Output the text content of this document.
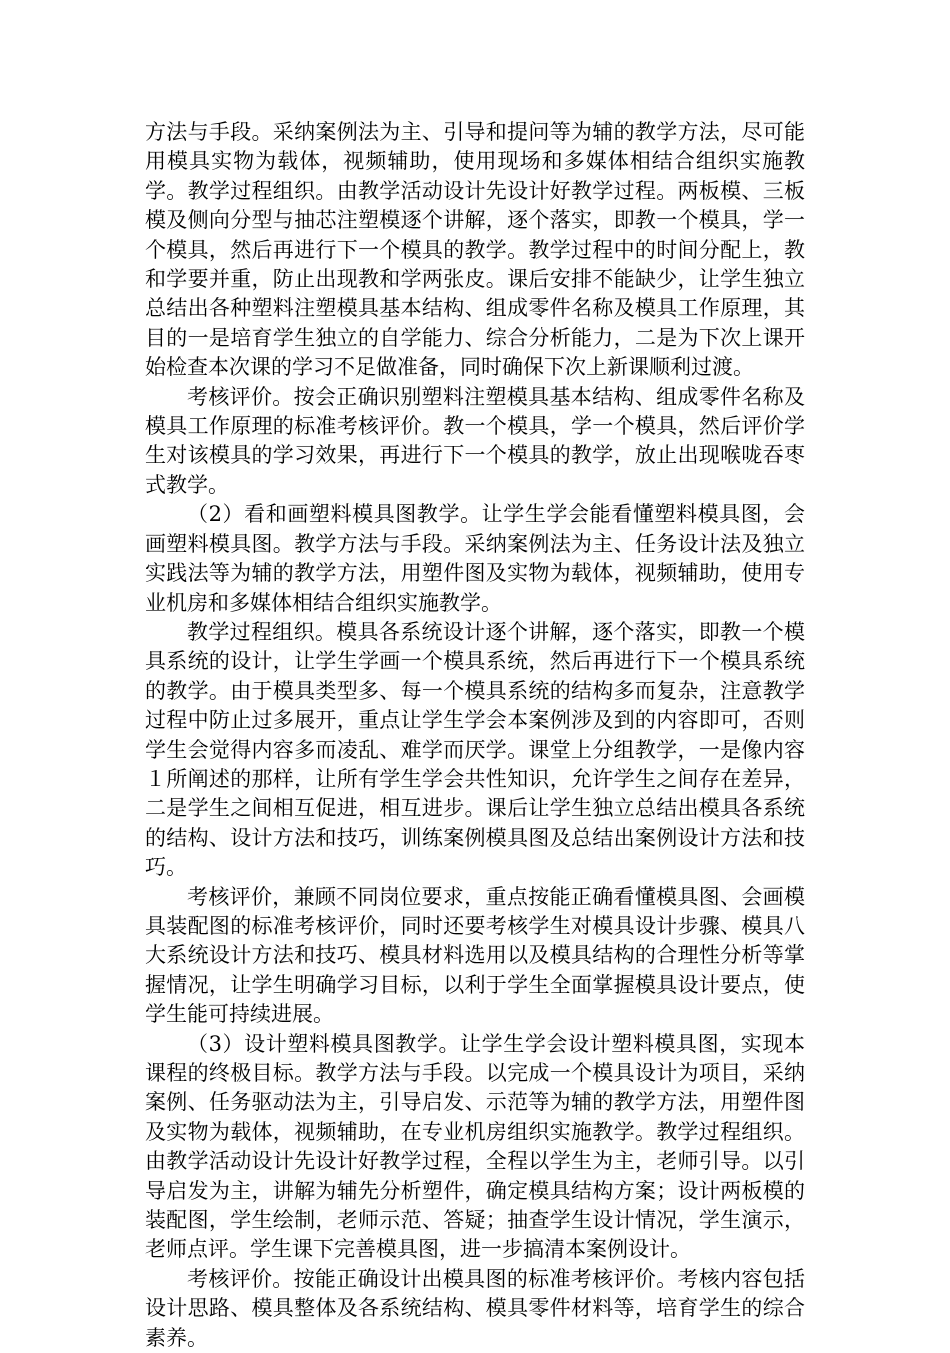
方法与手段。采纳案例法为主、引导和提问等为辅的教学方法，尽可能用模具实物为载体，视频辅助，使用现场和多媒体相结合组织实施教学。教学过程组织。由教学活动设计先设计好教学过程。两板模、三板模及侧向分型与抽芯注塑模逐个讲解，逐个落实，即教一个模具，学一个模具，然后再进行下一个模具的教学。教学过程中的时间分配上，教和学要并重，防止出现教和学两张皮。课后安排不能缺少，让学生独立总结出各种塑料注塑模具基本结构、组成零件名称及模具工作原理，其目的一是培育学生独立的自学能力、综合分析能力，二是为下次上课开始检查本次课的学习不足做准备，同时确保下次上新课顺利过渡。

考核评价。按会正确识别塑料注塑模具基本结构、组成零件名称及模具工作原理的标准考核评价。教一个模具，学一个模具，然后评价学生对该模具的学习效果，再进行下一个模具的教学，放止出现喉咙吞枣式教学。

（2）看和画塑料模具图教学。让学生学会能看懂塑料模具图，会画塑料模具图。教学方法与手段。采纳案例法为主、任务设计法及独立实践法等为辅的教学方法，用塑件图及实物为载体，视频辅助，使用专业机房和多媒体相结合组织实施教学。

教学过程组织。模具各系统设计逐个讲解，逐个落实，即教一个模具系统的设计，让学生学画一个模具系统，然后再进行下一个模具系统的教学。由于模具类型多、每一个模具系统的结构多而复杂，注意教学过程中防止过多展开，重点让学生学会本案例涉及到的内容即可，否则学生会觉得内容多而凌乱、难学而厌学。课堂上分组教学，一是像内容１所阐述的那样，让所有学生学会共性知识，允许学生之间存在差异，二是学生之间相互促进，相互进步。课后让学生独立总结出模具各系统的结构、设计方法和技巧，训练案例模具图及总结出案例设计方法和技巧。

考核评价，兼顾不同岗位要求，重点按能正确看懂模具图、会画模具装配图的标准考核评价，同时还要考核学生对模具设计步骤、模具八大系统设计方法和技巧、模具材料选用以及模具结构的合理性分析等掌握情况，让学生明确学习目标，以利于学生全面掌握模具设计要点，使学生能可持续进展。

（3）设计塑料模具图教学。让学生学会设计塑料模具图，实现本课程的终极目标。教学方法与手段。以完成一个模具设计为项目，采纳案例、任务驱动法为主，引导启发、示范等为辅的教学方法，用塑件图及实物为载体，视频辅助，在专业机房组织实施教学。教学过程组织。由教学活动设计先设计好教学过程，全程以学生为主，老师引导。以引导启发为主，讲解为辅先分析塑件，确定模具结构方案；设计两板模的装配图，学生绘制，老师示范、答疑；抽查学生设计情况，学生演示，老师点评。学生课下完善模具图，进一步搞清本案例设计。

考核评价。按能正确设计出模具图的标准考核评价。考核内容包括设计思路、模具整体及各系统结构、模具零件材料等，培育学生的综合素养。
